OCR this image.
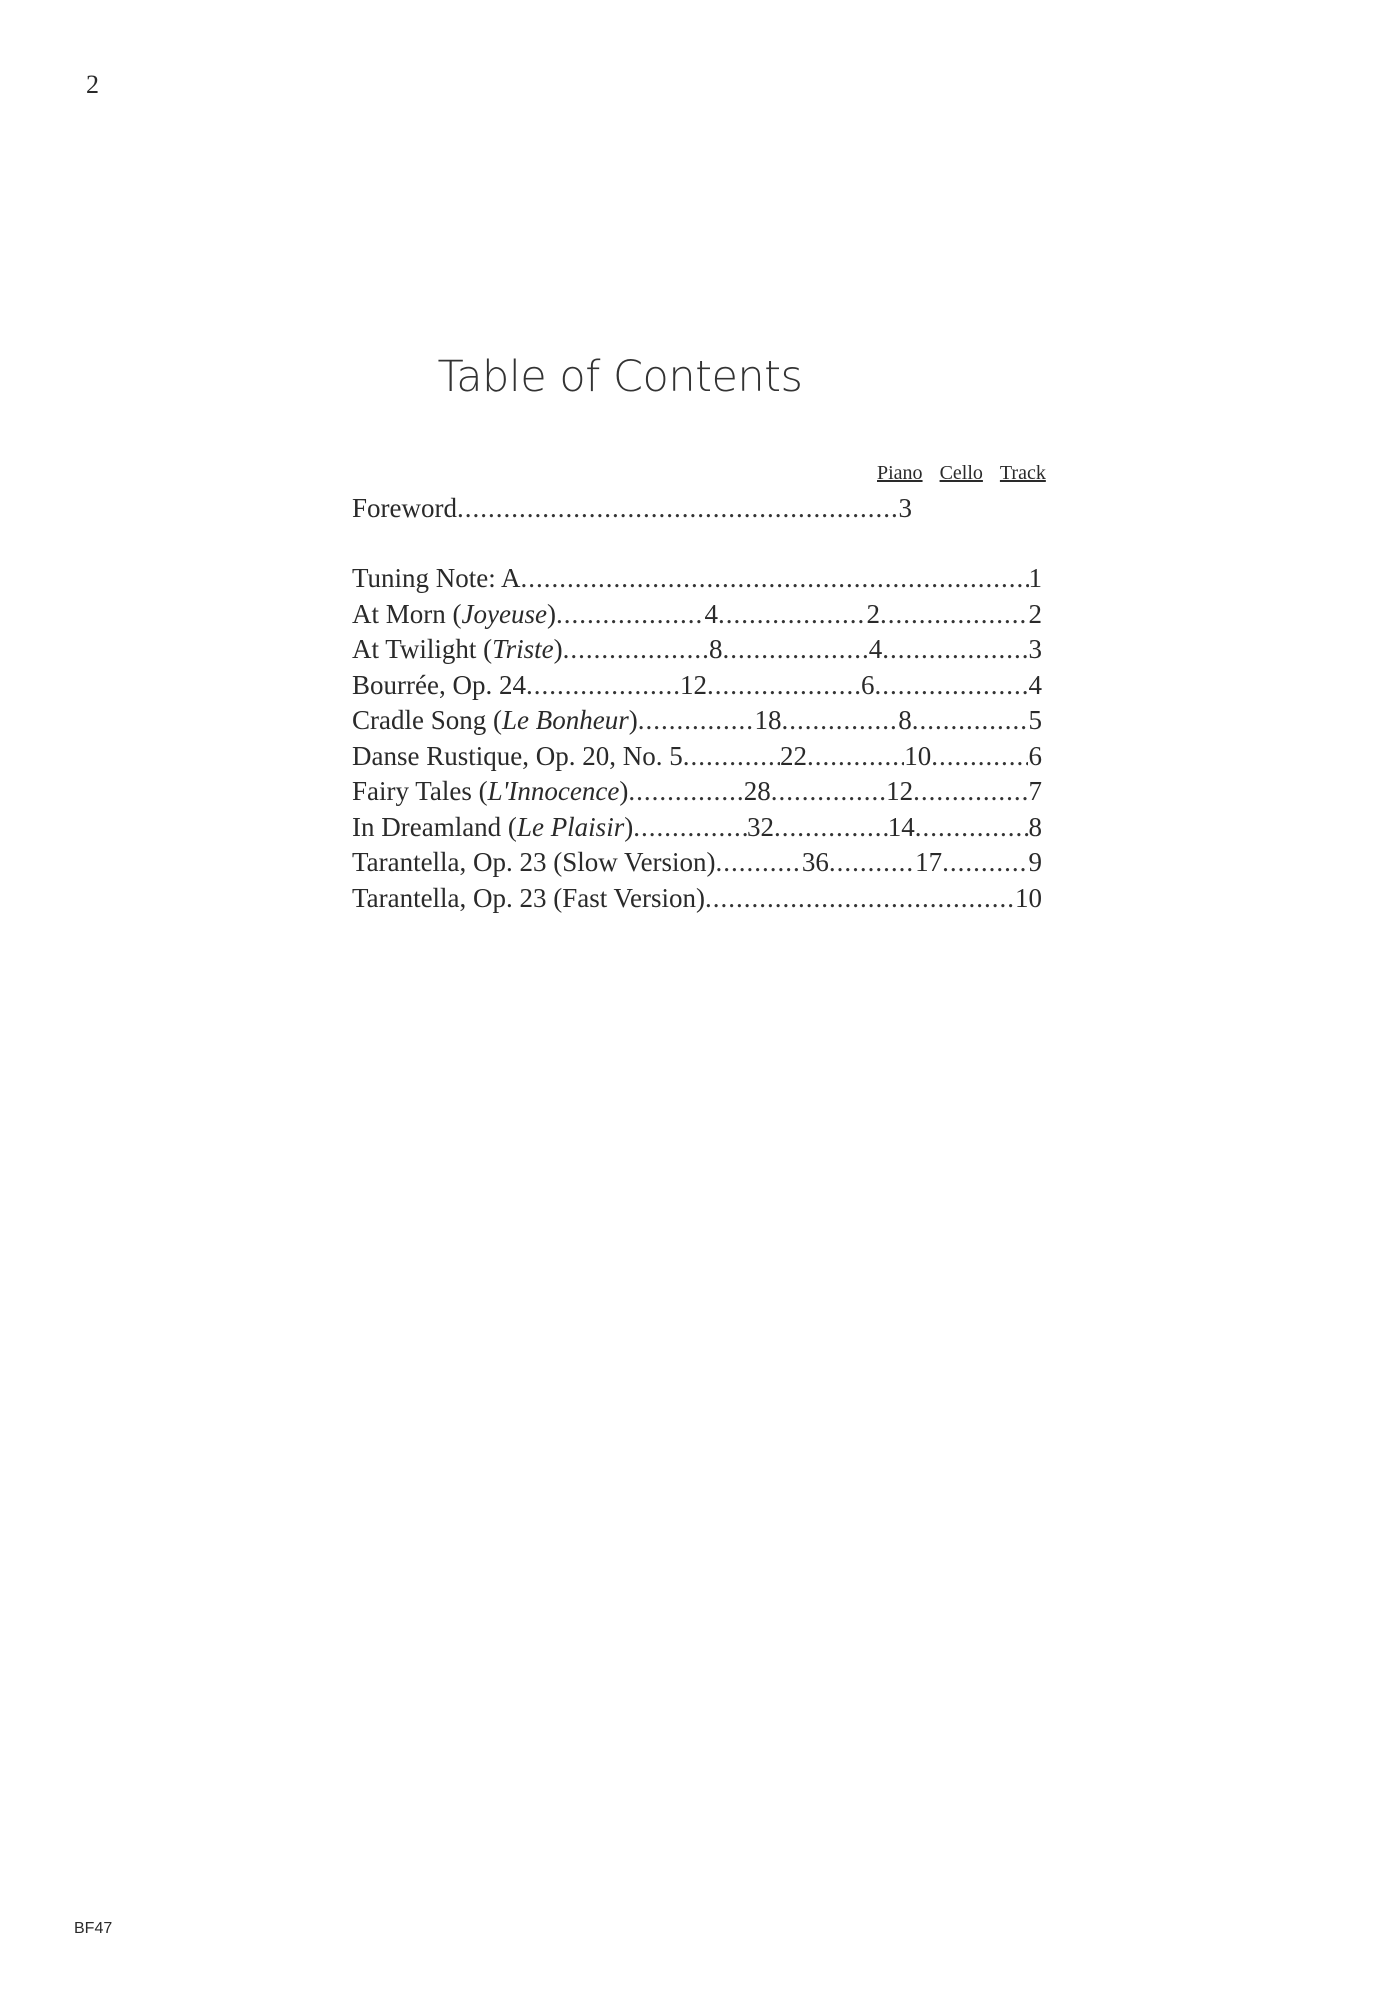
2
Table of Contents
Piano Cello Track
Foreword .....	3
Tuning Note: A .....	1
At Morn (Joyeuse) .....	4 .....	2 .....	2
At Twilight (Triste) .....	8 .....	4 .....	3
Bourrée, Op. 24 .....	12 .....	6 .....	4
Cradle Song (Le Bonheur) .....	18 .....	8 .....	5
Danse Rustique, Op. 20, No. 5 .....	22 .....	10 .....	6
Fairy Tales (L'Innocence) .....	28 .....	12 .....	7
In Dreamland (Le Plaisir) .....	32 .....	14 .....	8
Tarantella, Op. 23 (Slow Version) .....	36 .....	17 .....	9
Tarantella, Op. 23 (Fast Version) .....	10
BF47
